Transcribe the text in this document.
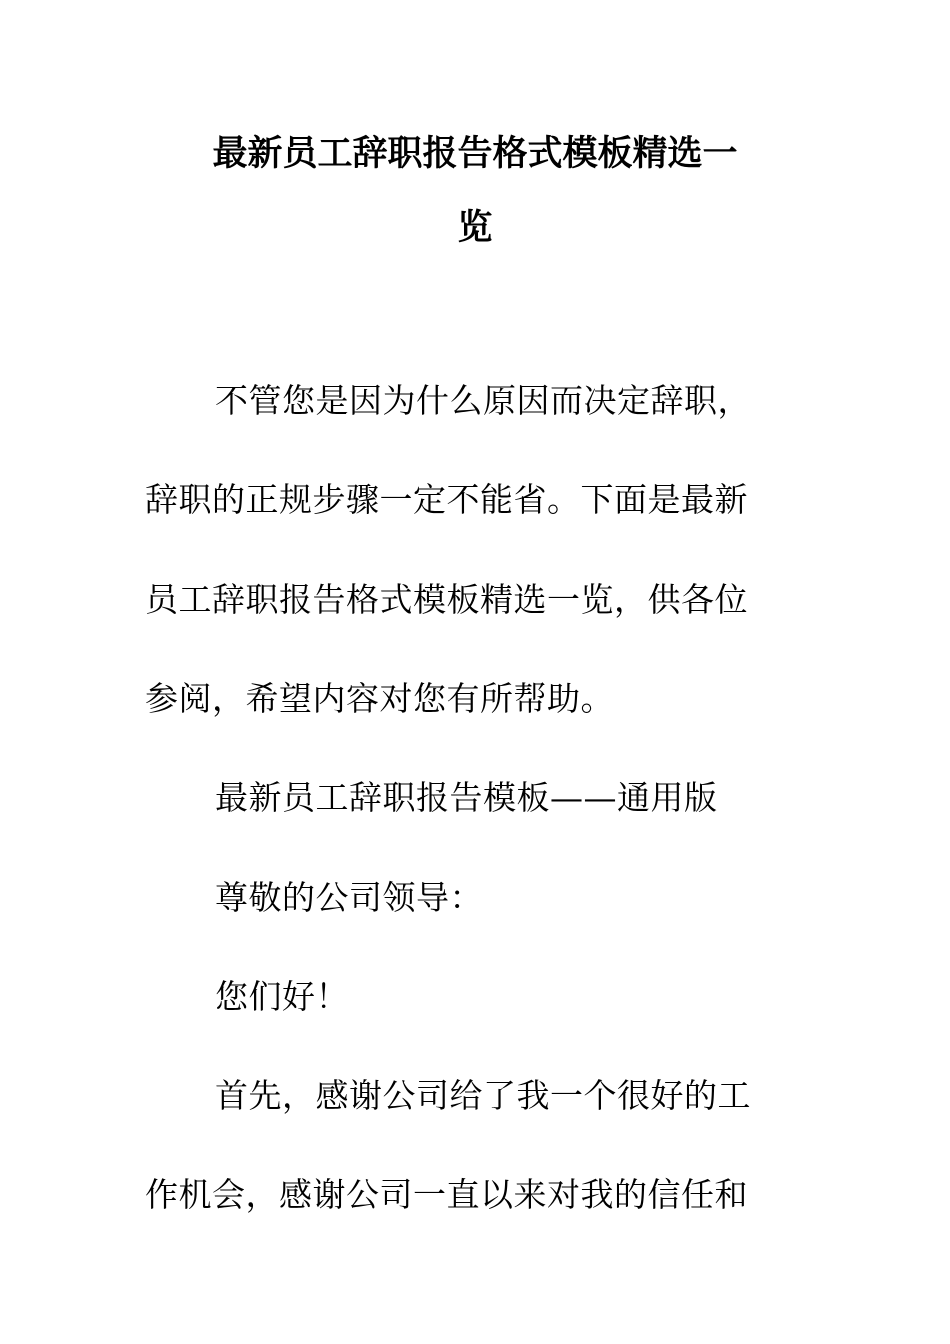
最新员工辞职报告格式模板精选一
览
不管您是因为什么原因而决定辞职，
辞职的正规步骤一定不能省。下面是最新
员工辞职报告格式模板精选一览，供各位
参阅，希望内容对您有所帮助。
最新员工辞职报告模板——通用版
尊敬的公司领导：
您们好！
首先，感谢公司给了我一个很好的工
作机会，感谢公司一直以来对我的信任和
